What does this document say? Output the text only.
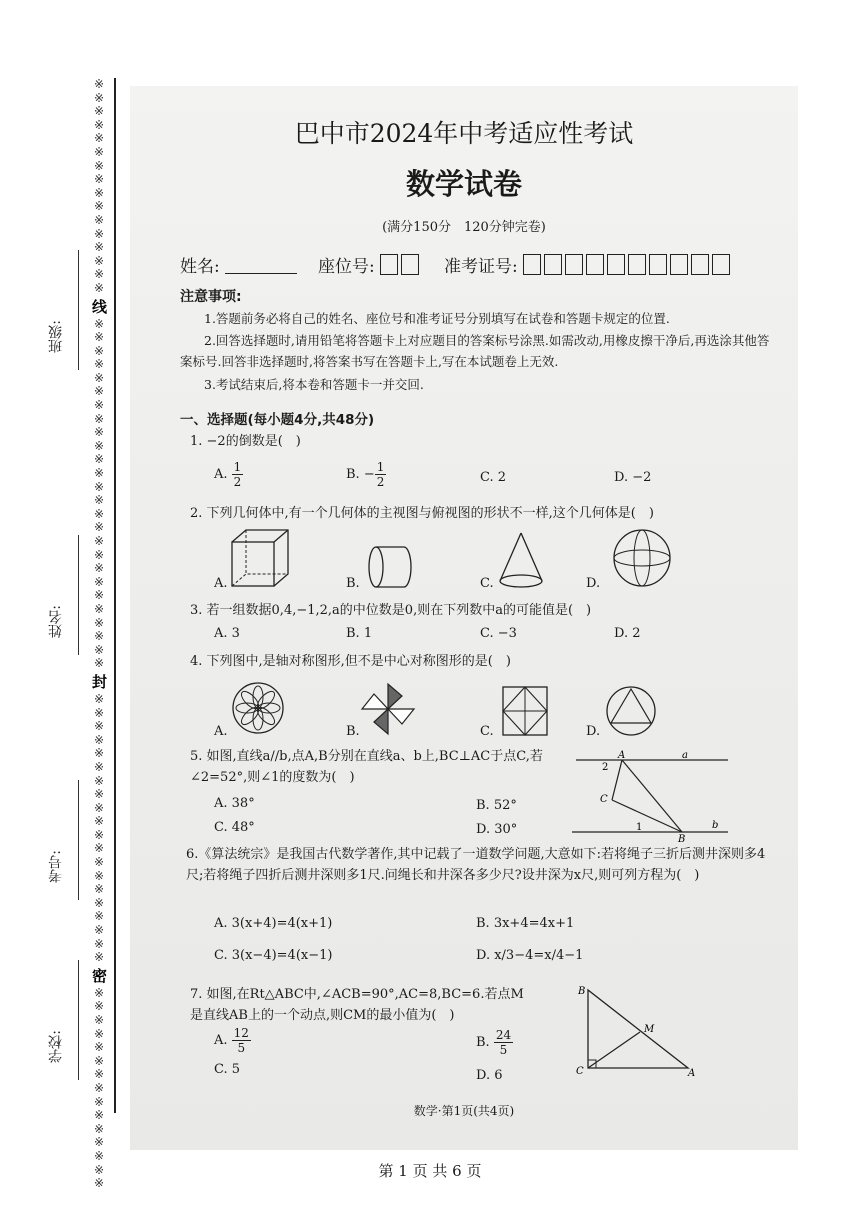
※※※※※※※※※※※※※※※※
线
※※※※※※※※※※※※※※※※※※※※※※※※※※
封
※※※※※※※※※※※※※※※※※※※※
密
※※※※※※※※※※※※※※※
班级:
姓名:
考号:
学校:
巴中市2024年中考适应性考试
数学试卷
(满分150分　120分钟完卷)
姓名:	座位号:	准考证号:
注意事项:
1.答题前务必将自己的姓名、座位号和准考证号分别填写在试卷和答题卡规定的位置.
2.回答选择题时,请用铅笔将答题卡上对应题目的答案标号涂黑.如需改动,用橡皮擦干净后,再选涂其他答案标号.回答非选择题时,将答案书写在答题卡上,写在本试题卷上无效.
3.考试结束后,将本卷和答题卡一并交回.
一、选择题(每小题4分,共48分)
1. −2的倒数是(　)
A. $\frac{1}{2}$	B. − $\frac{1}{2}$	C. 2	D. −2
2. 下列几何体中,有一个几何体的主视图与俯视图的形状不一样,这个几何体是(　)
A.	B.	C.	D.
3. 若一组数据0,4,−1,2,a的中位数是0,则在下列数中a的可能值是(　)
A. 3	B. 1	C. −3	D. 2
4. 下列图中,是轴对称图形,但不是中心对称图形的是(　)
A.	B.	C.	D.
5. 如图,直线a//b,点A,B分别在直线a、b上,BC⊥AC于点C,若∠2=52°,则∠1的度数为(　)
A. 38°	B. 52°
C. 48°	D. 30°
A	a
2
C
1
B
b
6.《算法统宗》是我国古代数学著作,其中记载了一道数学问题,大意如下:若将绳子三折后测井深则多4尺;若将绳子四折后测井深则多1尺.问绳长和井深各多少尺?设井深为x尺,则可列方程为(　)
A. 3(x+4)=4(x+1)	B. 3x+4=4x+1
C. 3(x−4)=4(x−1)	D. x/3−4=x/4−1
7. 如图,在Rt△ABC中,∠ACB=90°,AC=8,BC=6.若点M是直线AB上的一个动点,则CM的最小值为(　)
A. $\frac{12}{5}$	B. $\frac{24}{5}$
C. 5	D. 6
B
C	A
M
数学·第1页(共4页)
第 1 页 共 6 页
